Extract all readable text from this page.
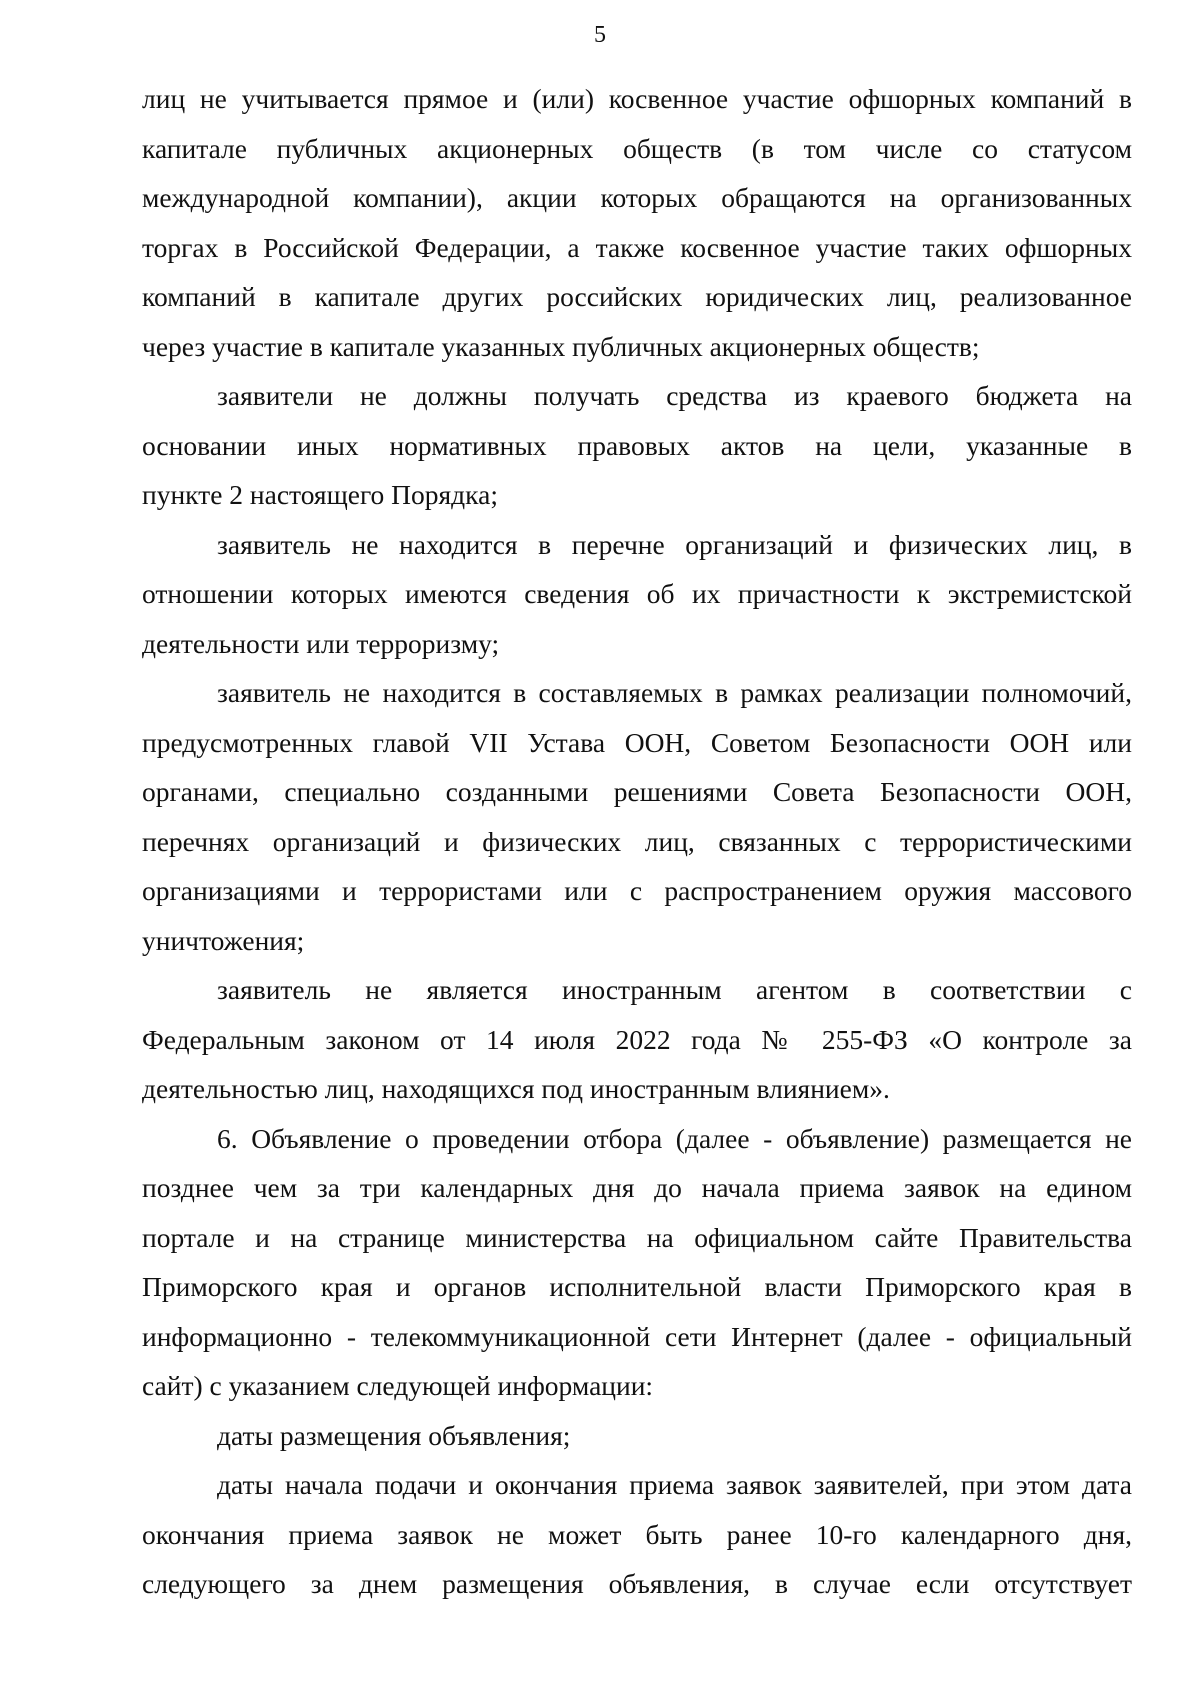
5
лиц не учитывается прямое и (или) косвенное участие офшорных компаний в
капитале публичных акционерных обществ (в том числе со статусом
международной компании), акции которых обращаются на организованных
торгах в Российской Федерации, а также косвенное участие таких офшорных
компаний в капитале других российских юридических лиц, реализованное
через участие в капитале указанных публичных акционерных обществ;
заявители не должны получать средства из краевого бюджета на
основании иных нормативных правовых актов на цели, указанные в
пункте 2 настоящего Порядка;
заявитель не находится в перечне организаций и физических лиц, в
отношении которых имеются сведения об их причастности к экстремистской
деятельности или терроризму;
заявитель не находится в составляемых в рамках реализации полномочий,
предусмотренных главой VII Устава ООН, Советом Безопасности ООН или
органами, специально созданными решениями Совета Безопасности ООН,
перечнях организаций и физических лиц, связанных с террористическими
организациями и террористами или с распространением оружия массового
уничтожения;
заявитель не является иностранным агентом в соответствии с
Федеральным законом от 14 июля 2022 года № 255-ФЗ «О контроле за
деятельностью лиц, находящихся под иностранным влиянием».
6. Объявление о проведении отбора (далее - объявление) размещается не
позднее чем за три календарных дня до начала приема заявок на едином
портале и на странице министерства на официальном сайте Правительства
Приморского края и органов исполнительной власти Приморского края в
информационно - телекоммуникационной сети Интернет (далее - официальный
сайт) с указанием следующей информации:
даты размещения объявления;
даты начала подачи и окончания приема заявок заявителей, при этом дата
окончания приема заявок не может быть ранее 10-го календарного дня,
следующего за днем размещения объявления, в случае если отсутствует
